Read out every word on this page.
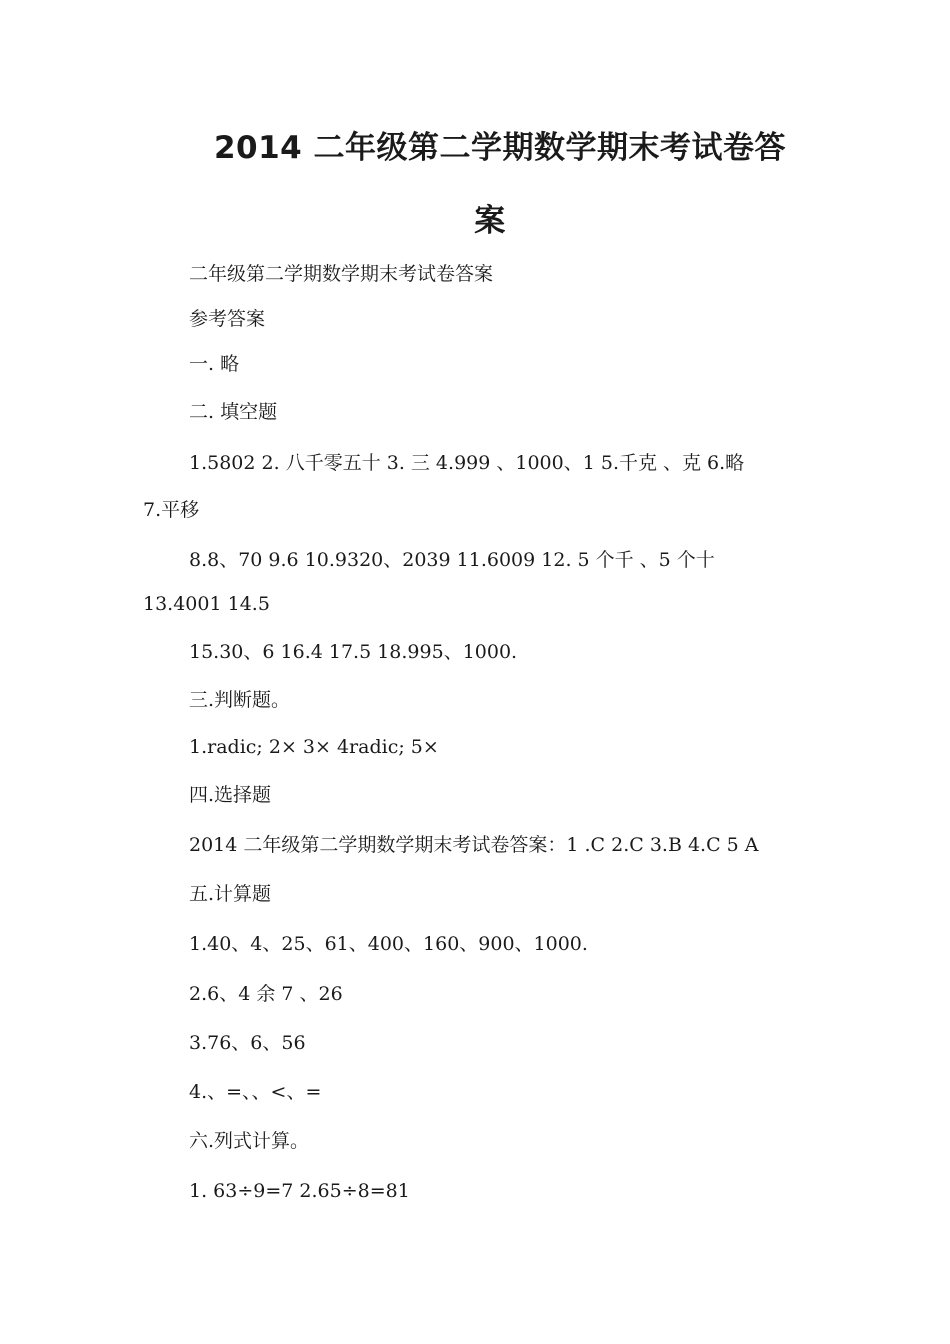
2014 二年级第二学期数学期末考试卷答
案
二年级第二学期数学期末考试卷答案
参考答案
一. 略
二. 填空题
1.5802 2. 八千零五十 3. 三 4.999 、1000、1 5.千克 、克 6.略
7.平移
8.8、70 9.6 10.9320、2039 11.6009 12. 5 个千 、5 个十
13.4001 14.5
15.30、6 16.4 17.5 18.995、1000.
三.判断题。
1.radic; 2× 3× 4radic; 5×
四.选择题
2014 二年级第二学期数学期末考试卷答案：1 .C 2.C 3.B 4.C 5 A
五.计算题
1.40、4、25、61、400、160、900、1000.
2.6、4 余 7 、26
3.76、6、56
4.、=、、<、=
六.列式计算。
1. 63÷9=7 2.65÷8=81
